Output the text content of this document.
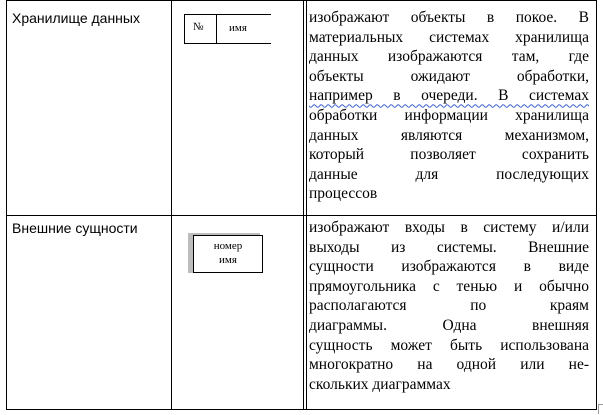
Хранилище данных
№ имя

изображают объекты в покое. В

материальных системах хранилища

данных изображаются там, где

объекты ожидают обработки,

например в очереди. В системах

обработки информации хранилища

данных являются механизмом,

который позволяет сохранить

данные для последующих

процессов

Внешние сущности
номер
имя

изображают входы в систему и/или

выходы из системы. Внешние

сущности изображаются в виде

прямоугольника с тенью и обычно

располагаются по краям

диаграммы. Одна внешняя

сущность может быть использована

многократно на одной или не-

скольких диаграммах
